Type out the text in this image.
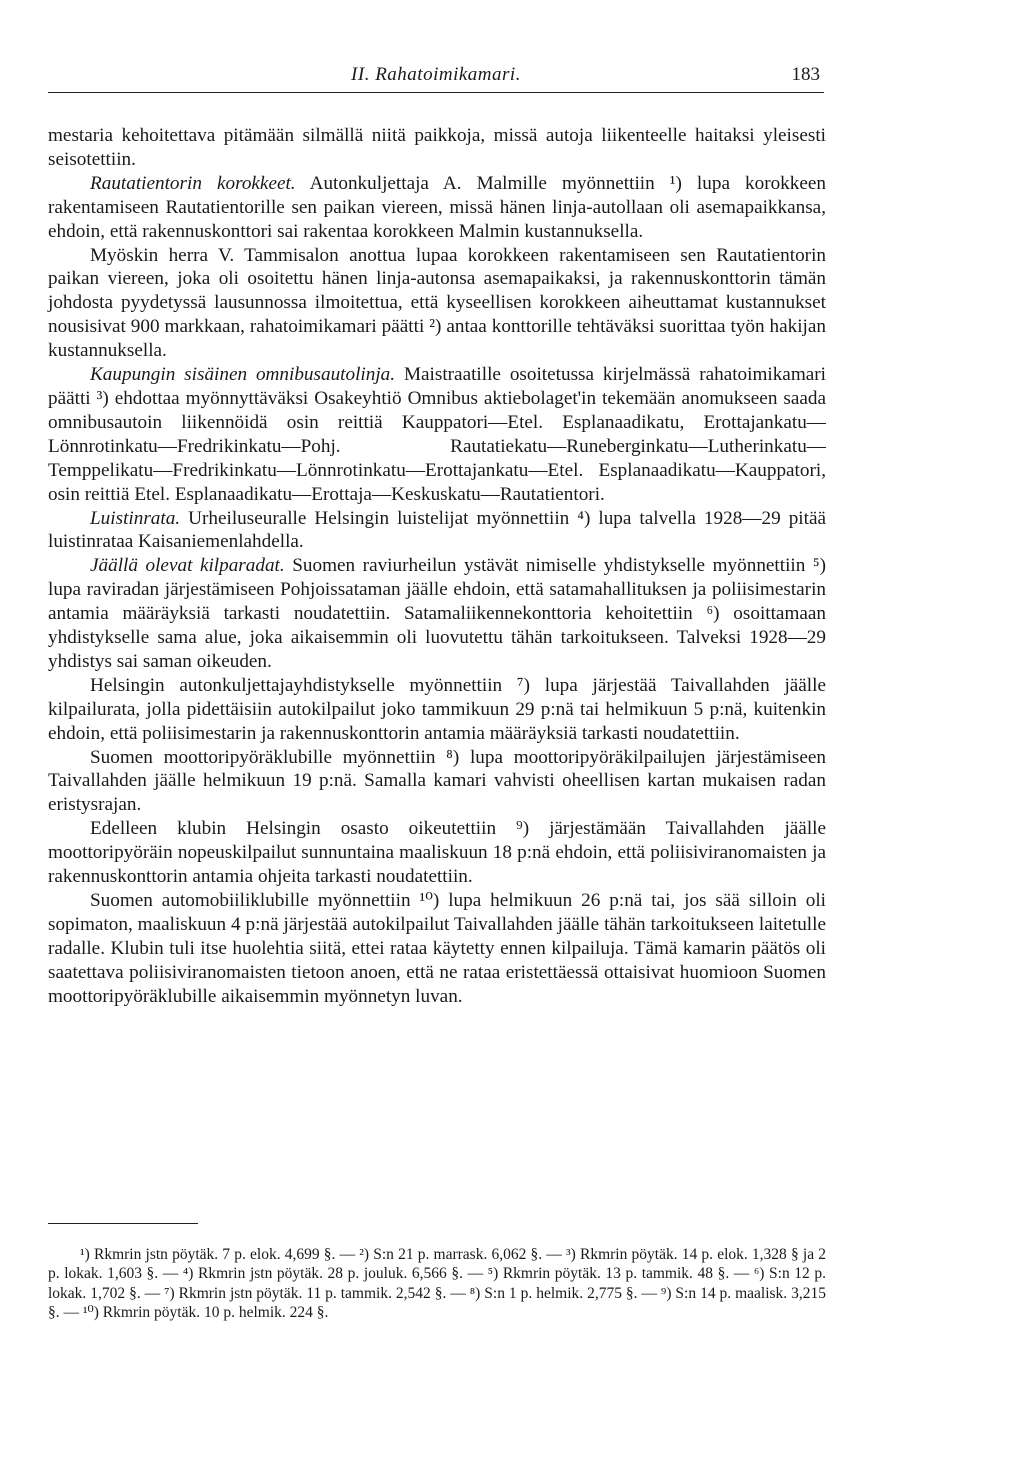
II. Rahatoimikamari.	183

mestaria kehoitettava pitämään silmällä niitä paikkoja, missä autoja liikenteelle haitaksi yleisesti seisotettiin.

Rautatientorin korokkeet. Autonkuljettaja A. Malmille myönnettiin ¹) lupa korokkeen rakentamiseen Rautatientorille sen paikan viereen, missä hänen linja-autollaan oli asemapaikkansa, ehdoin, että rakennuskonttori sai rakentaa korokkeen Malmin kustannuksella.

Myöskin herra V. Tammisalon anottua lupaa korokkeen rakentamiseen sen Rautatientorin paikan viereen, joka oli osoitettu hänen linja-autonsa asemapaikaksi, ja rakennuskonttorin tämän johdosta pyydetyssä lausunnossa ilmoitettua, että kyseellisen korokkeen aiheuttamat kustannukset nousisivat 900 markkaan, rahatoimikamari päätti ²) antaa konttorille tehtäväksi suorittaa työn hakijan kustannuksella.

Kaupungin sisäinen omnibusautolinja. Maistraatille osoitetussa kirjelmässä rahatoimikamari päätti ³) ehdottaa myönnyttäväksi Osakeyhtiö Omnibus aktiebolaget'in tekemään anomukseen saada omnibusautoin liikennöidä osin reittiä Kauppatori—Etel. Esplanaadikatu, Erottajankatu—Lönnrotinkatu—Fredrikinkatu—Pohj. Rautatiekatu—Runeberginkatu—Lutherinkatu—Temppelikatu—Fredrikinkatu—Lönnrotinkatu—Erottajankatu—Etel. Esplanaadikatu—Kauppatori, osin reittiä Etel. Esplanaadikatu—Erottaja—Keskuskatu—Rautatientori.

Luistinrata. Urheiluseuralle Helsingin luistelijat myönnettiin ⁴) lupa talvella 1928—29 pitää luistinrataa Kaisaniemenlahdella.

Jäällä olevat kilparadat. Suomen raviurheilun ystävät nimiselle yhdistykselle myönnettiin ⁵) lupa raviradan järjestämiseen Pohjoissataman jäälle ehdoin, että satamahallituksen ja poliisimestarin antamia määräyksiä tarkasti noudatettiin. Satamaliikennekonttoria kehoitettiin ⁶) osoittamaan yhdistykselle sama alue, joka aikaisemmin oli luovutettu tähän tarkoitukseen. Talveksi 1928—29 yhdistys sai saman oikeuden.

Helsingin autonkuljettajayhdistykselle myönnettiin ⁷) lupa järjestää Taivallahden jäälle kilpailurata, jolla pidettäisiin autokilpailut joko tammikuun 29 p:nä tai helmikuun 5 p:nä, kuitenkin ehdoin, että poliisimestarin ja rakennuskonttorin antamia määräyksiä tarkasti noudatettiin.

Suomen moottoripyöräklubille myönnettiin ⁸) lupa moottoripyöräkilpailujen järjestämiseen Taivallahden jäälle helmikuun 19 p:nä. Samalla kamari vahvisti oheellisen kartan mukaisen radan eristysrajan.

Edelleen klubin Helsingin osasto oikeutettiin ⁹) järjestämään Taivallahden jäälle moottoripyöräin nopeuskilpailut sunnuntaina maaliskuun 18 p:nä ehdoin, että poliisiviranomaisten ja rakennuskonttorin antamia ohjeita tarkasti noudatettiin.

Suomen automobiiliklubille myönnettiin ¹⁰) lupa helmikuun 26 p:nä tai, jos sää silloin oli sopimaton, maaliskuun 4 p:nä järjestää autokilpailut Taivallahden jäälle tähän tarkoitukseen laitetulle radalle. Klubin tuli itse huolehtia siitä, ettei rataa käytetty ennen kilpailuja. Tämä kamarin päätös oli saatettava poliisiviranomaisten tietoon anoen, että ne rataa eristettäessä ottaisivat huomioon Suomen moottoripyöräklubille aikaisemmin myönnetyn luvan.

¹) Rkmrin jstn pöytäk. 7 p. elok. 4,699 §. — ²) S:n 21 p. marrask. 6,062 §. — ³) Rkmrin pöytäk. 14 p. elok. 1,328 § ja 2 p. lokak. 1,603 §. — ⁴) Rkmrin jstn pöytäk. 28 p. jouluk. 6,566 §. — ⁵) Rkmrin pöytäk. 13 p. tammik. 48 §. — ⁶) S:n 12 p. lokak. 1,702 §. — ⁷) Rkmrin jstn pöytäk. 11 p. tammik. 2,542 §. — ⁸) S:n 1 p. helmik. 2,775 §. — ⁹) S:n 14 p. maalisk. 3,215 §. — ¹⁰) Rkmrin pöytäk. 10 p. helmik. 224 §.
